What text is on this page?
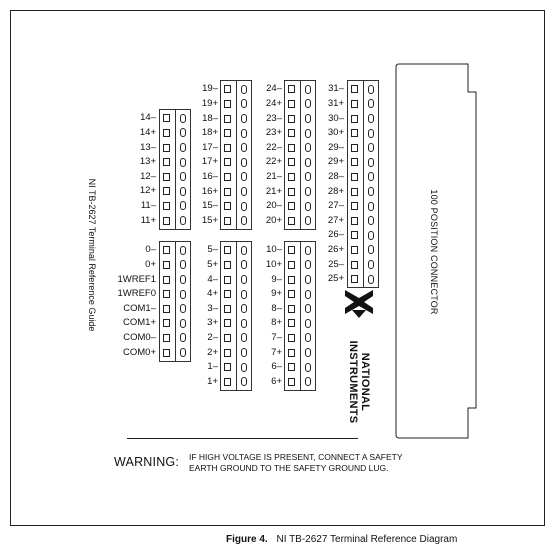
NI TB-2627 Terminal Reference Guide	100 POSITION CONNECTOR
14–
14+
13–
13+
12–
12+
11–
11+
19–
19+
18–
18+
17–
17+
16–
16+
15–
15+
24–
24+
23–
23+
22–
22+
21–
21+
20–
20+
31–
31+
30–
30+
29–
29+
28–
28+
27–
27+
26–
26+
25–
25+
0–
0+
1WREF1
1WREF0
COM1–
COM1+
COM0–
COM0+
5–
5+
4–
4+
3–
3+
2–
2+
1–
1+
10–
10+
9–
9+
8–
8+
7–
7+
6–
6+	NATIONAL
INSTRUMENTS
WARNING: IF HIGH VOLTAGE IS PRESENT, CONNECT A SAFETY EARTH GROUND TO THE SAFETY GROUND LUG.
Figure 4. NI TB-2627 Terminal Reference Diagram
